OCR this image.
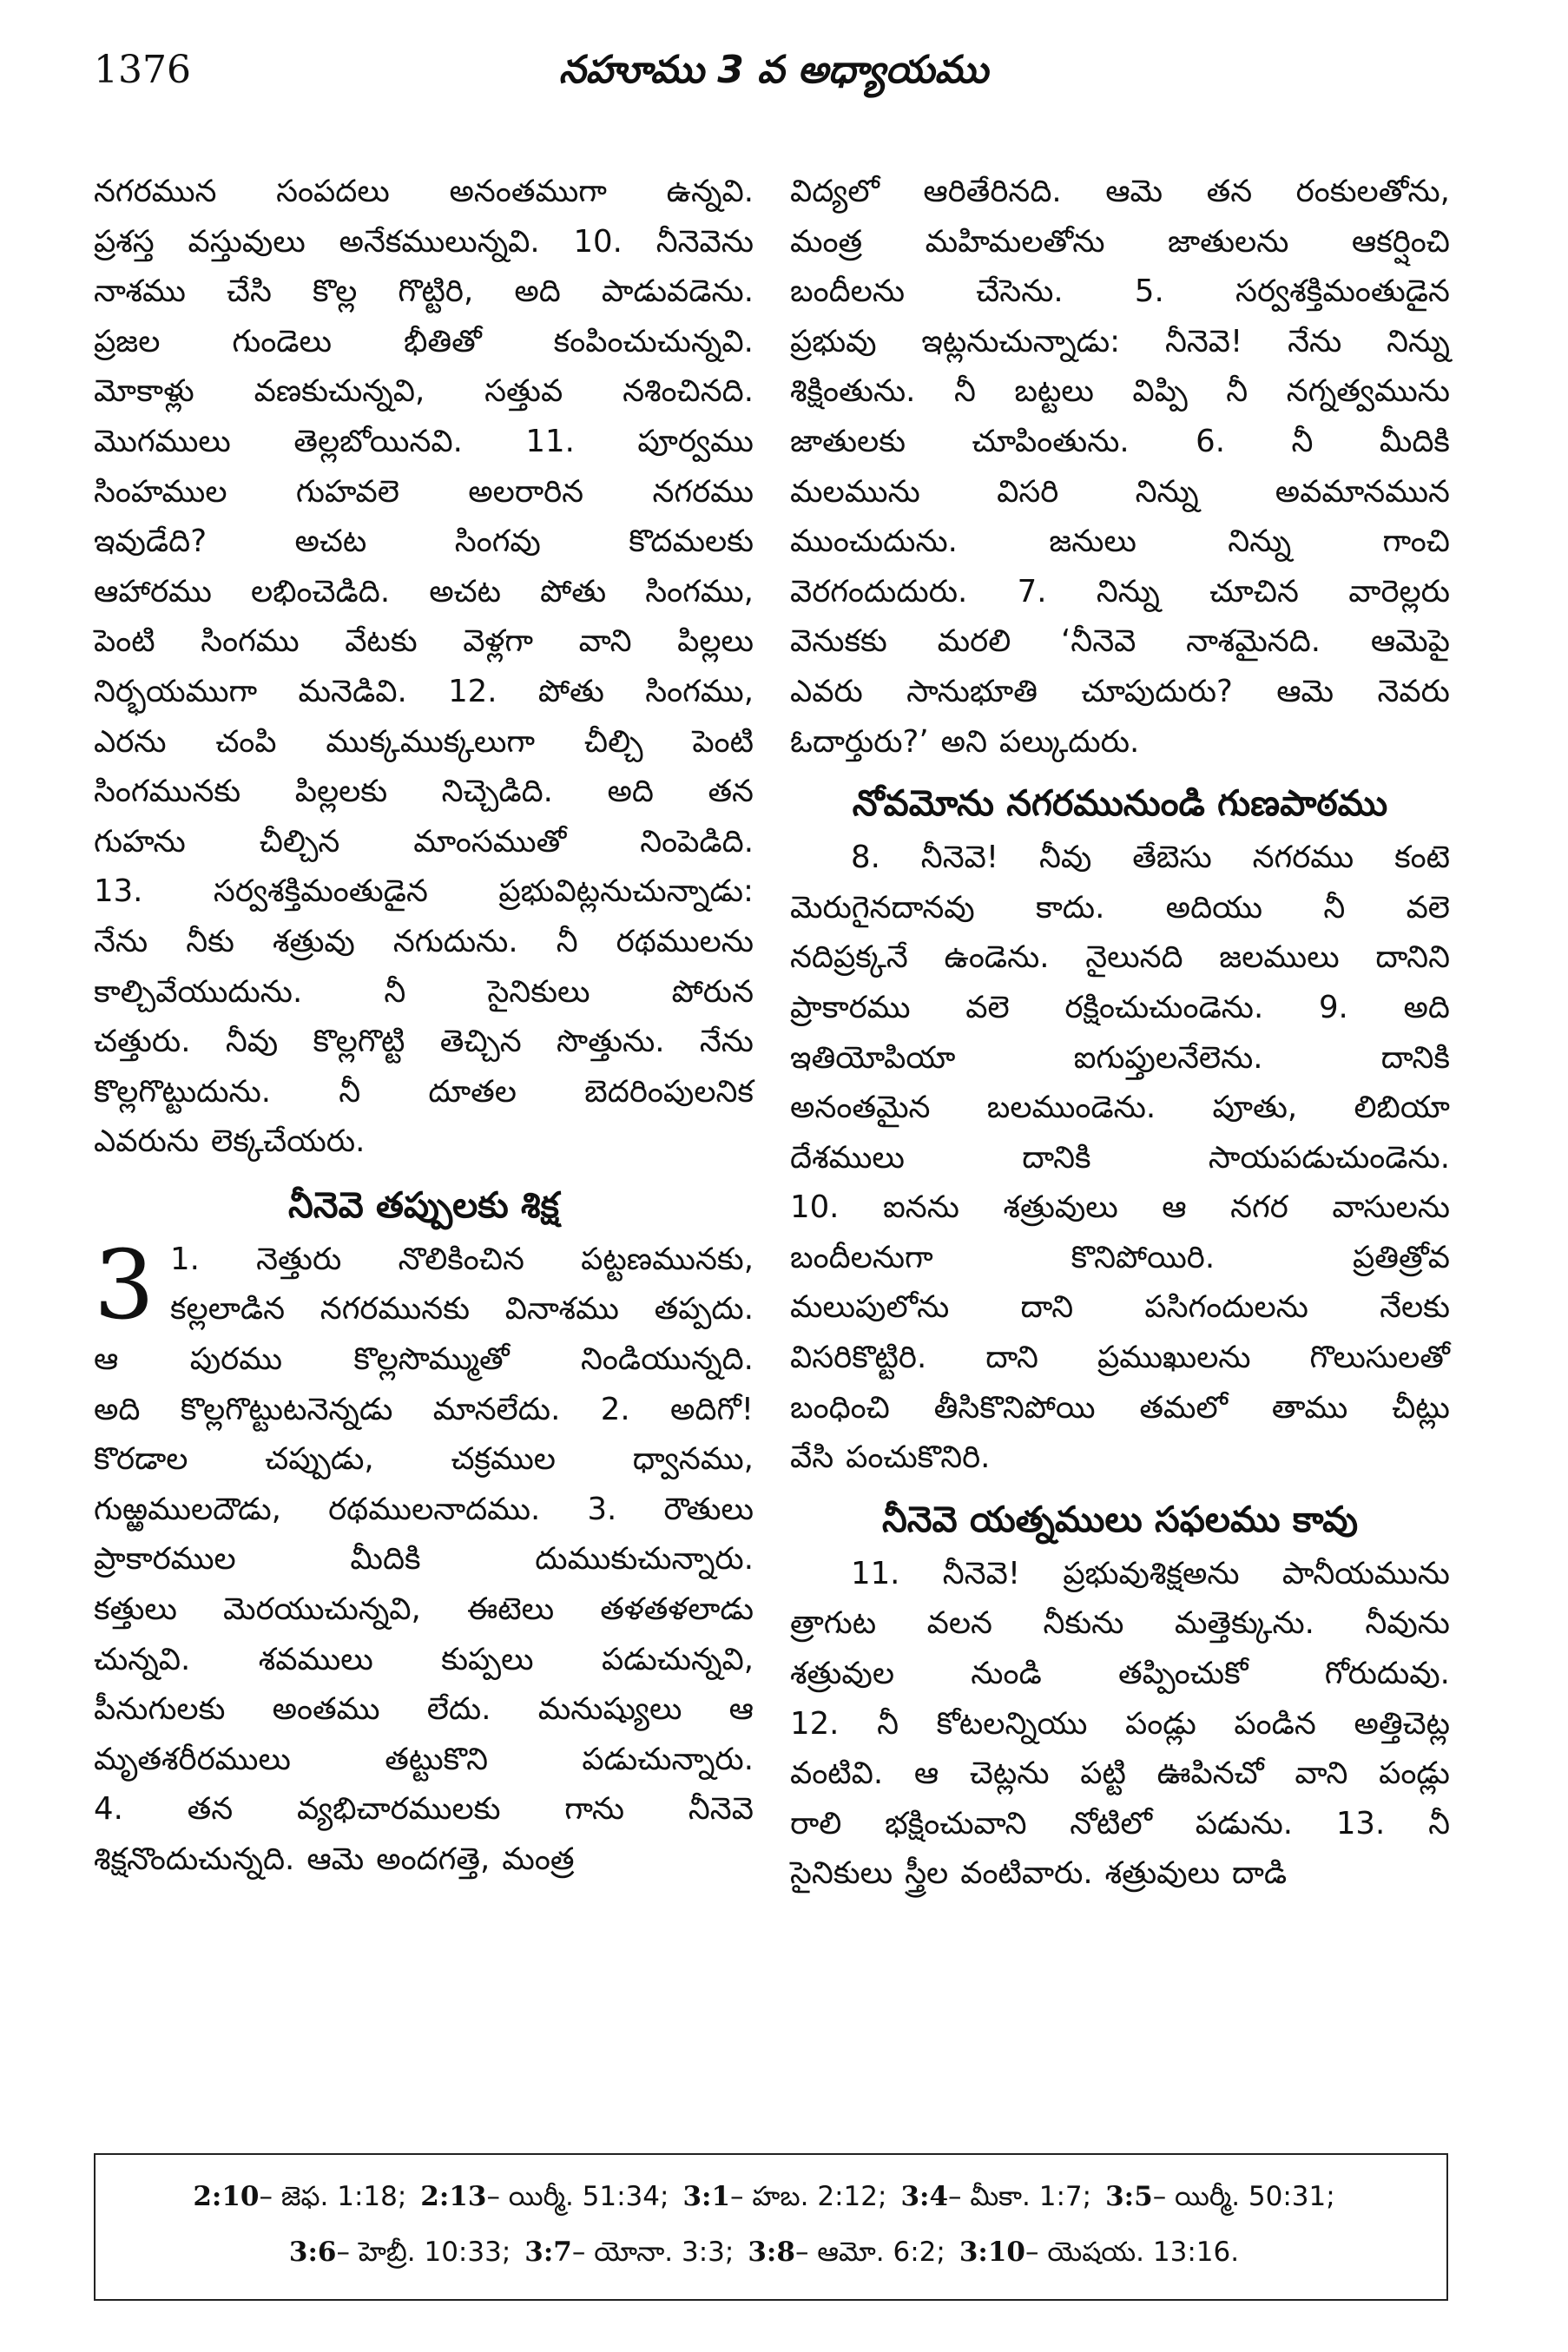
1376	నహూము 3 వ అధ్యాయము
నగరమున సంపదలు అనంతముగా ఉన్నవి.
ప్రశస్త వస్తువులు అనేకములున్నవి. 10. నీనెవెను
నాశము చేసి కొల్ల గొట్టిరి, అది పాడువడెను.
ప్రజల గుండెలు భీతితో కంపించుచున్నవి.
మోకాళ్లు వణకుచున్నవి, సత్తువ నశించినది.
మొగములు తెల్లబోయినవి. 11. పూర్వము
సింహముల గుహవలె అలరారిన నగరము
ఇవుడేది?	అచట	సింగవు	కొదమలకు
ఆహారము లభించెడిది. అచట పోతు సింగము,
పెంటి సింగము వేటకు వెళ్లగా వాని పిల్లలు
నిర్భయముగా మనెడివి. 12. పోతు సింగము,
ఎరను చంపి ముక్కముక్కలుగా చీల్చి పెంటి
సింగమునకు పిల్లలకు నిచ్చెడిది. అది తన
గుహను చీల్చిన మాంసముతో నింపెడిది.
13. సర్వశక్తిమంతుడైన ప్రభువిట్లనుచున్నాడు:
నేను నీకు శత్రువు నగుదును. నీ రథములను
కాల్చివేయుదును.	నీ	సైనికులు	పోరున
చత్తురు. నీవు కొల్లగొట్టి తెచ్చిన సొత్తును. నేను
కొల్లగొట్టుదును. నీ దూతల బెదరింపులనిక
ఎవరును లెక్కచేయరు.
నీనెవె తప్పులకు శిక్ష
3 1. నెత్తురు నొలికించిన పట్టణమునకు,
కల్లలాడిన నగరమునకు వినాశము తప్పదు.
ఆ పురము కొల్లసొమ్ముతో నిండియున్నది.
అది కొల్లగొట్టుటనెన్నడు మానలేదు. 2. అదిగో!
కొరడాల	చప్పుడు,	చక్రముల	ధ్వానము,
గుఱ్ఱములదౌడు, రథములనాదము. 3. రౌతులు
ప్రాకారముల	మీదికి	దుముకుచున్నారు.
కత్తులు మెరయుచున్నవి, ఈటెలు తళతళలాడు
చున్నవి. శవములు కుప్పలు పడుచున్నవి,
పీనుగులకు అంతము లేదు. మనుష్యులు ఆ
మృతశరీరములు	తట్టుకొని	పడుచున్నారు.
4. తన వ్యభిచారములకు గాను నీనెవె
శిక్షనొందుచున్నది. ఆమె అందగత్తె, మంత్ర
విద్యలో ఆరితేరినది. ఆమె తన రంకులతోను,
మంత్ర మహిమలతోను జాతులను ఆకర్షించి
బందీలను చేసెను. 5. సర్వశక్తిమంతుడైన
ప్రభువు ఇట్లనుచున్నాడు: నీనెవె! నేను నిన్ను
శిక్షింతును. నీ బట్టలు విప్పి నీ నగ్నత్వమును
జాతులకు చూపింతును. 6. నీ మీదికి
మలమును విసరి నిన్ను అవమానమున
ముంచుదును.	జనులు	నిన్ను	గాంచి
వెరగందుదురు. 7. నిన్ను చూచిన వారెల్లరు
వెనుకకు మరలి ‘నీనెవె నాశమైనది. ఆమెపై
ఎవరు సానుభూతి చూపుదురు? ఆమె నెవరు
ఓదార్తురు?’ అని పల్కుదురు.
నోవమోను నగరమునుండి గుణపాఠము
8. నీనెవె! నీవు తేబెసు నగరము కంటె
మెరుగైనదానవు కాదు. అదియు నీ వలె
నదిప్రక్కనే ఉండెను. నైలునది జలములు దానిని
ప్రాకారము వలె రక్షించుచుండెను. 9. అది
ఇతియోపియా	ఐగుప్తులనేలెను.	దానికి
అనంతమైన బలముండెను. పూతు, లిబియా
దేశములు	దానికి	సాయపడుచుండెను.
10. ఐనను శత్రువులు ఆ నగర వాసులను
బందీలనుగా	కొనిపోయిరి.	ప్రతిత్రోవ
మలుపులోను దాని పసిగందులను నేలకు
విసరికొట్టిరి. దాని ప్రముఖులను గొలుసులతో
బంధించి తీసికొనిపోయి తమలో తాము చీట్లు
వేసి పంచుకొనిరి.
నీనెవె యత్నములు సఫలము కావు
11. నీనెవె! ప్రభువుశిక్షఅను పానీయమును
త్రాగుట వలన నీకును మత్తెక్కును. నీవును
శత్రువుల నుండి తప్పించుకో గోరుదువు.
12. నీ కోటలన్నియు పండ్లు పండిన అత్తిచెట్ల
వంటివి. ఆ చెట్లను పట్టి ఊపినచో వాని పండ్లు
రాలి భక్షించువాని నోటిలో పడును. 13. నీ
సైనికులు స్త్రీల వంటివారు. శత్రువులు దాడి
2:10– జెఫ. 1:18; 2:13– యిర్మీ. 51:34; 3:1– హబ. 2:12; 3:4– మీకా. 1:7; 3:5– యిర్మీ. 50:31;
3:6– హెబ్రీ. 10:33; 3:7– యోనా. 3:3; 3:8– ఆమో. 6:2; 3:10– యెషయ. 13:16.
